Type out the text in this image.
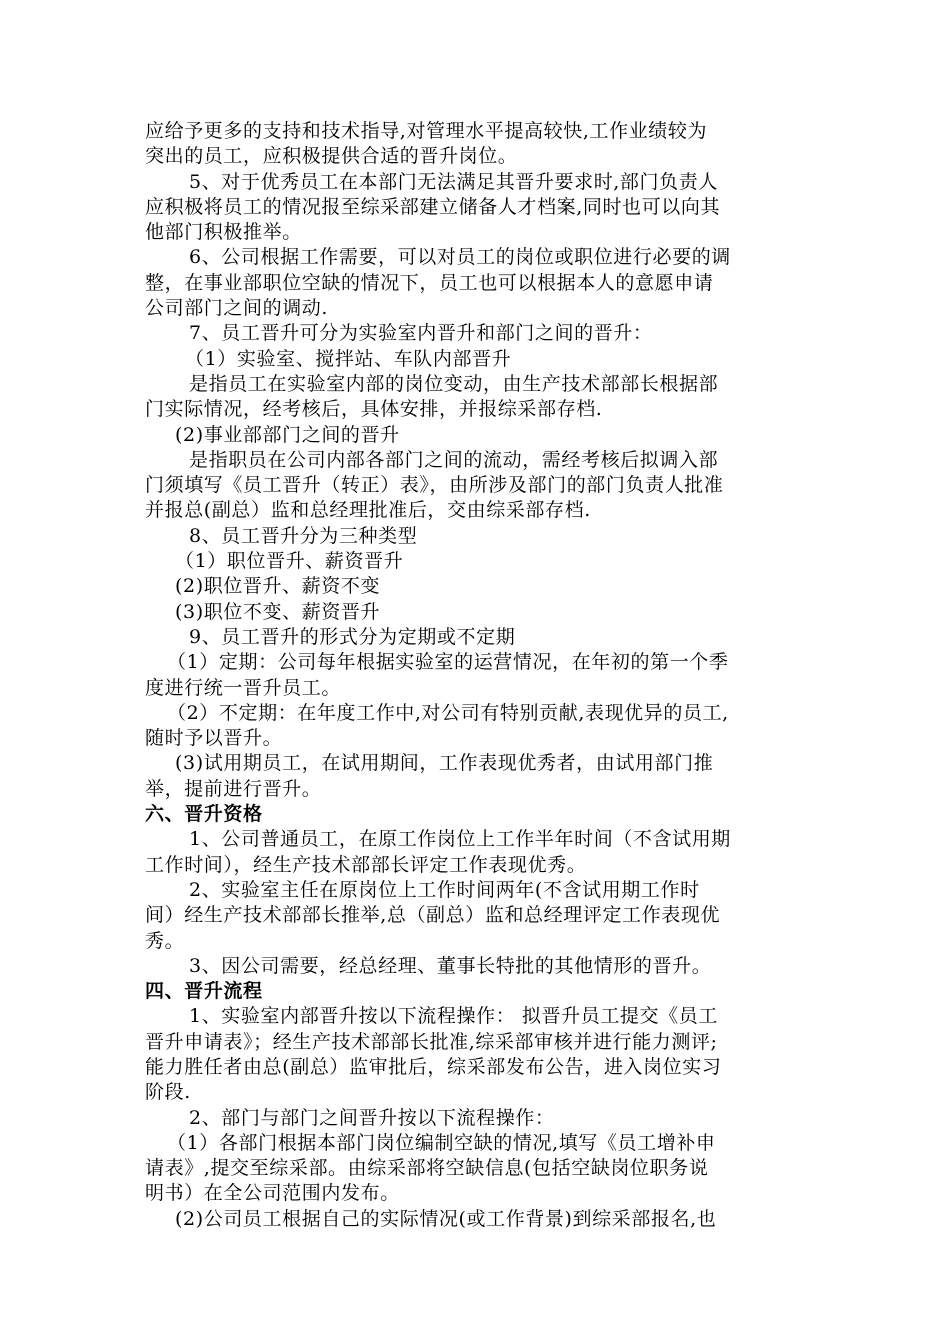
应给予更多的支持和技术指导,对管理水平提高较快,工作业绩较为
突出的员工，应积极提供合适的晋升岗位。
5、对于优秀员工在本部门无法满足其晋升要求时,部门负责人
应积极将员工的情况报至综采部建立储备人才档案,同时也可以向其
他部门积极推举。
6、公司根据工作需要，可以对员工的岗位或职位进行必要的调
整，在事业部职位空缺的情况下，员工也可以根据本人的意愿申请
公司部门之间的调动.
7、员工晋升可分为实验室内晋升和部门之间的晋升：
（1）实验室、搅拌站、车队内部晋升
是指员工在实验室内部的岗位变动，由生产技术部部长根据部
门实际情况，经考核后，具体安排，并报综采部存档.
(2)事业部部门之间的晋升
是指职员在公司内部各部门之间的流动，需经考核后拟调入部
门须填写《员工晋升（转正）表》，由所涉及部门的部门负责人批准
并报总(副总）监和总经理批准后，交由综采部存档.
8、员工晋升分为三种类型
（1）职位晋升、薪资晋升
(2)职位晋升、薪资不变
(3)职位不变、薪资晋升
9、员工晋升的形式分为定期或不定期
（1）定期：公司每年根据实验室的运营情况，在年初的第一个季
度进行统一晋升员工。
（2）不定期：在年度工作中,对公司有特别贡献,表现优异的员工,
随时予以晋升。
(3)试用期员工，在试用期间，工作表现优秀者，由试用部门推
举，提前进行晋升。
六、晋升资格
1、公司普通员工，在原工作岗位上工作半年时间（不含试用期
工作时间），经生产技术部部长评定工作表现优秀。
2、实验室主任在原岗位上工作时间两年(不含试用期工作时
间）经生产技术部部长推举,总（副总）监和总经理评定工作表现优
秀。
3、因公司需要，经总经理、董事长特批的其他情形的晋升。
四、晋升流程
1、实验室内部晋升按以下流程操作： 拟晋升员工提交《员工
晋升申请表》；经生产技术部部长批准,综采部审核并进行能力测评;
能力胜任者由总(副总）监审批后，综采部发布公告，进入岗位实习
阶段.
2、部门与部门之间晋升按以下流程操作：
（1）各部门根据本部门岗位编制空缺的情况,填写《员工增补申
请表》,提交至综采部。由综采部将空缺信息(包括空缺岗位职务说
明书）在全公司范围内发布。
(2)公司员工根据自己的实际情况(或工作背景)到综采部报名,也
